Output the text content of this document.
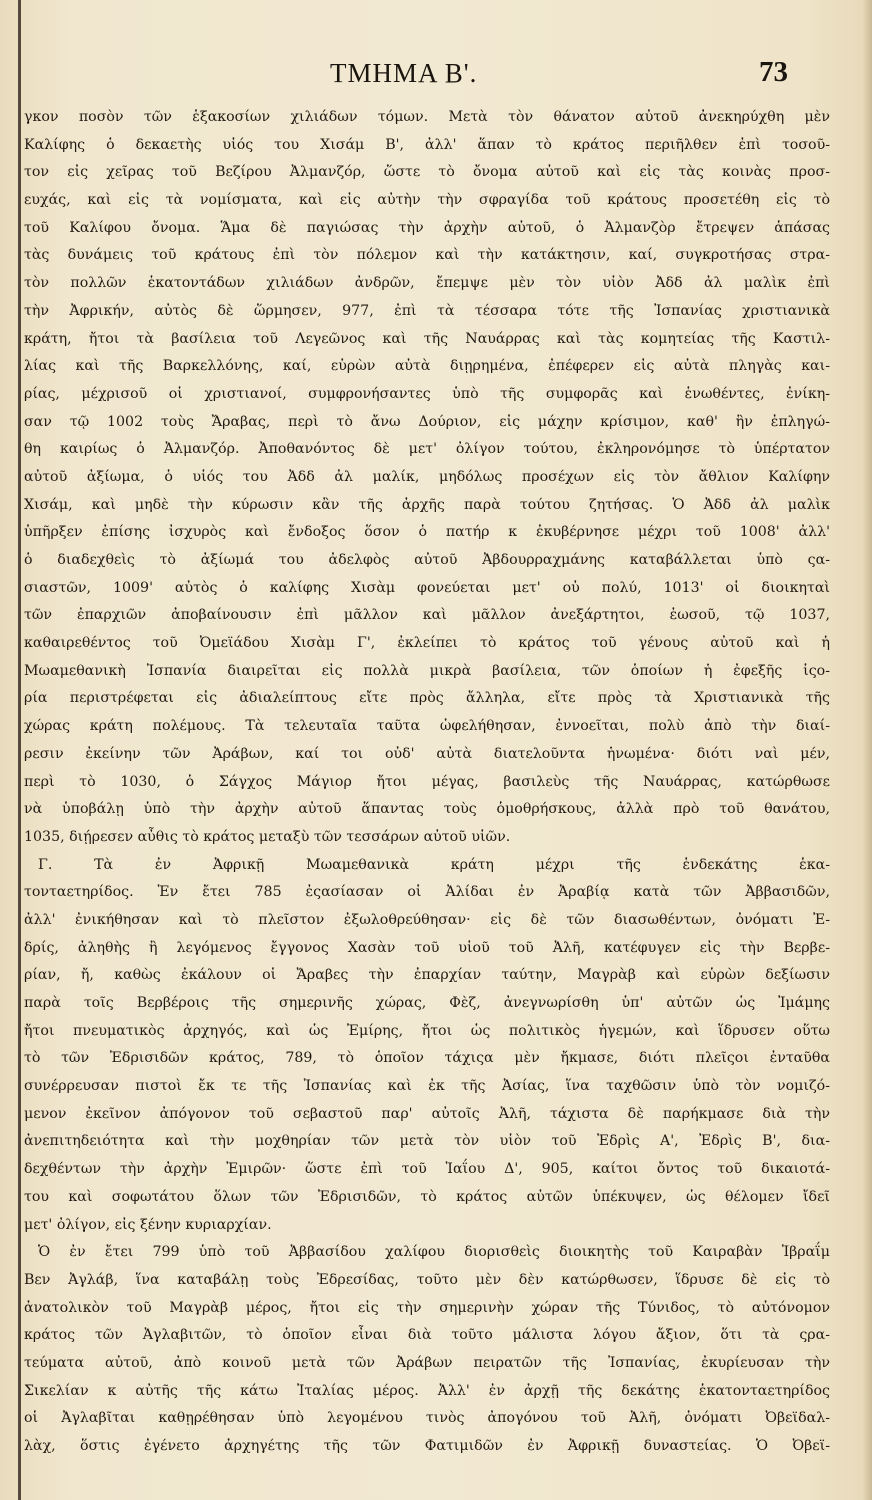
ΤΜΗΜΑ Β'.	73
γκον ποσὸν τῶν ἑξακοσίων χιλιάδων τόμων. Μετὰ τὸν θάνατον αὐτοῦ ἀνεκηρύχθη μὲν
Καλίφης ὁ δεκαετὴς υἱός του Χισάμ Β', ἀλλ' ἅπαν τὸ κράτος περιῆλθεν ἐπὶ τοσοῦ-
τον εἰς χεῖρας τοῦ Βεζίρου Ἀλμανζόρ, ὥστε τὸ ὄνομα αὐτοῦ καὶ εἰς τὰς κοινὰς προσ-
ευχάς, καὶ εἰς τὰ νομίσματα, καὶ εἰς αὐτὴν τὴν σφραγίδα τοῦ κράτους προσετέθη εἰς τὸ
τοῦ Καλίφου ὄνομα. Ἅμα δὲ παγιώσας τὴν ἀρχὴν αὐτοῦ, ὁ Ἀλμανζὸρ ἔτρεψεν ἁπάσας
τὰς δυνάμεις τοῦ κράτους ἐπὶ τὸν πόλεμον καὶ τὴν κατάκτησιν, καί, συγκροτήσας στρα-
τὸν πολλῶν ἑκατοντάδων χιλιάδων ἀνδρῶν, ἔπεμψε μὲν τὸν υἱὸν Ἀδδ ἀλ μαλὶκ ἐπὶ
τὴν Ἀφρικήν, αὐτὸς δὲ ὥρμησεν, 977, ἐπὶ τὰ τέσσαρα τότε τῆς Ἰσπανίας χριστιανικὰ
κράτη, ἤτοι τὰ βασίλεια τοῦ Λεγεῶνος καὶ τῆς Ναυάρρας καὶ τὰς κομητείας τῆς Καστιλ-
λίας καὶ τῆς Βαρκελλόνης, καί, εὑρὼν αὐτὰ διῃρημένα, ἐπέφερεν εἰς αὐτὰ πληγὰς και-
ρίας, μέχρισοῦ οἱ χριστιανοί, συμφρονήσαντες ὑπὸ τῆς συμφορᾶς καὶ ἑνωθέντες, ἐνίκη-
σαν τῷ 1002 τοὺς Ἄραβας, περὶ τὸ ἄνω Δούριον, εἰς μάχην κρίσιμον, καθ' ἣν ἐπληγώ-
θη καιρίως ὁ Ἀλμανζόρ. Ἀποθανόντος δὲ μετ' ὀλίγον τούτου, ἐκληρονόμησε τὸ ὑπέρτατον
αὐτοῦ ἀξίωμα, ὁ υἱός του Ἀδδ ἀλ μαλίκ, μηδόλως προσέχων εἰς τὸν ἄθλιον Καλίφην
Χισάμ, καὶ μηδὲ τὴν κύρωσιν κἂν τῆς ἀρχῆς παρὰ τούτου ζητήσας. Ὁ Ἀδδ ἀλ μαλὶκ
ὑπῆρξεν ἐπίσης ἰσχυρὸς καὶ ἔνδοξος ὅσον ὁ πατήρ κ ἐκυβέρνησε μέχρι τοῦ 1008' ἀλλ'
ὁ διαδεχθεὶς τὸ ἀξίωμά του ἀδελφὸς αὐτοῦ Ἀβδουρραχμάνης καταβάλλεται ὑπὸ ςα-
σιαστῶν, 1009' αὐτὸς ὁ καλίφης Χισὰμ φονεύεται μετ' οὐ πολύ, 1013' οἱ διοικηταὶ
τῶν ἐπαρχιῶν ἀποβαίνουσιν ἐπὶ μᾶλλον καὶ μᾶλλον ἀνεξάρτητοι, ἑωσοῦ, τῷ 1037,
καθαιρεθέντος τοῦ Ὀμεϊάδου Χισὰμ Γ', ἐκλείπει τὸ κράτος τοῦ γένους αὐτοῦ καὶ ἡ
Μωαμεθανικὴ Ἰσπανία διαιρεῖται εἰς πολλὰ μικρὰ βασίλεια, τῶν ὁποίων ἡ ἐφεξῆς ἱςο-
ρία περιστρέφεται εἰς ἀδιαλείπτους εἴτε πρὸς ἄλληλα, εἴτε πρὸς τὰ Χριστιανικὰ τῆς
χώρας κράτη πολέμους. Τὰ τελευταῖα ταῦτα ὠφελήθησαν, ἐννοεῖται, πολὺ ἀπὸ τὴν διαί-
ρεσιν ἐκείνην τῶν Ἀράβων, καί τοι οὐδ' αὐτὰ διατελοῦντα ἡνωμένα· διότι ναὶ μέν,
περὶ τὸ 1030, ὁ Σάγχος Μάγιορ ἤτοι μέγας, βασιλεὺς τῆς Ναυάρρας, κατώρθωσε
νὰ ὑποβάλῃ ὑπὸ τὴν ἀρχὴν αὐτοῦ ἅπαντας τοὺς ὁμοθρήσκους, ἀλλὰ πρὸ τοῦ θανάτου,
1035, διῄρεσεν αὖθις τὸ κράτος μεταξὺ τῶν τεσσάρων αὐτοῦ υἱῶν.
Γ. Τὰ ἐν Ἀφρικῇ Μωαμεθανικὰ κράτη μέχρι τῆς ἑνδεκάτης ἑκα-
τονταετηρίδος. Ἐν ἔτει 785 ἐςασίασαν οἱ Ἀλίδαι ἐν Ἀραβίᾳ κατὰ τῶν Ἀββασιδῶν,
ἀλλ' ἐνικήθησαν καὶ τὸ πλεῖστον ἐξωλοθρεύθησαν· εἰς δὲ τῶν διασωθέντων, ὀνόματι Ἐ-
δρίς, ἀληθὴς ἢ λεγόμενος ἔγγονος Χασὰν τοῦ υἱοῦ τοῦ Ἀλῆ, κατέφυγεν εἰς τὴν Βερβε-
ρίαν, ἤ, καθὼς ἐκάλουν οἱ Ἄραβες τὴν ἐπαρχίαν ταύτην, Μαγρὰβ καὶ εὑρὼν δεξίωσιν
παρὰ τοῖς Βερβέροις τῆς σημερινῆς χώρας, Φὲζ, ἀνεγνωρίσθη ὑπ' αὐτῶν ὡς Ἰμάμης
ἤτοι πνευματικὸς ἀρχηγός, καὶ ὡς Ἐμίρης, ἤτοι ὡς πολιτικὸς ἡγεμών, καὶ ἵδρυσεν οὕτω
τὸ τῶν Ἐδρισιδῶν κράτος, 789, τὸ ὁποῖον τάχιςα μὲν ἤκμασε, διότι πλεῖςοι ἐνταῦθα
συνέρρευσαν πιστοὶ ἔκ τε τῆς Ἰσπανίας καὶ ἐκ τῆς Ἀσίας, ἵνα ταχθῶσιν ὑπὸ τὸν νομιζό-
μενον ἐκεῖνον ἀπόγονον τοῦ σεβαστοῦ παρ' αὐτοῖς Ἀλῆ, τάχιστα δὲ παρήκμασε διὰ τὴν
ἀνεπιτηδειότητα καὶ τὴν μοχθηρίαν τῶν μετὰ τὸν υἱὸν τοῦ Ἐδρὶς Α', Ἐδρὶς Β', δια-
δεχθέντων τὴν ἀρχὴν Ἐμιρῶν· ὥστε ἐπὶ τοῦ Ἰαΐου Δ', 905, καίτοι ὄντος τοῦ δικαιοτά-
του καὶ σοφωτάτου ὅλων τῶν Ἐδρισιδῶν, τὸ κράτος αὐτῶν ὑπέκυψεν, ὡς θέλομεν ἴδεῖ
μετ' ὀλίγον, εἰς ξένην κυριαρχίαν.
Ὁ ἐν ἔτει 799 ὑπὸ τοῦ Ἀββασίδου χαλίφου διορισθεὶς διοικητὴς τοῦ Καιραβὰν Ἰβραΐμ
Βεν Ἀγλάβ, ἵνα καταβάλῃ τοὺς Ἐδρεσίδας, τοῦτο μὲν δὲν κατώρθωσεν, ἵδρυσε δὲ εἰς τὸ
ἀνατολικὸν τοῦ Μαγρὰβ μέρος, ἤτοι εἰς τὴν σημερινὴν χώραν τῆς Τύνιδος, τὸ αὐτόνομον
κράτος τῶν Ἀγλαβιτῶν, τὸ ὁποῖον εἶναι διὰ τοῦτο μάλιστα λόγου ἄξιον, ὅτι τὰ ςρα-
τεύματα αὐτοῦ, ἀπὸ κοινοῦ μετὰ τῶν Ἀράβων πειρατῶν τῆς Ἰσπανίας, ἐκυρίευσαν τὴν
Σικελίαν κ αὐτῆς τῆς κάτω Ἰταλίας μέρος. Ἀλλ' ἐν ἀρχῇ τῆς δεκάτης ἑκατονταετηρίδος
οἱ Ἀγλαβῖται καθῃρέθησαν ὑπὸ λεγομένου τινὸς ἀπογόνου τοῦ Ἀλῆ, ὀνόματι Ὀβεϊδαλ-
λὰχ, ὅστις ἐγένετο ἀρχηγέτης τῆς τῶν Φατιμιδῶν ἐν Ἀφρικῇ δυναστείας. Ὁ Ὀβεϊ-
